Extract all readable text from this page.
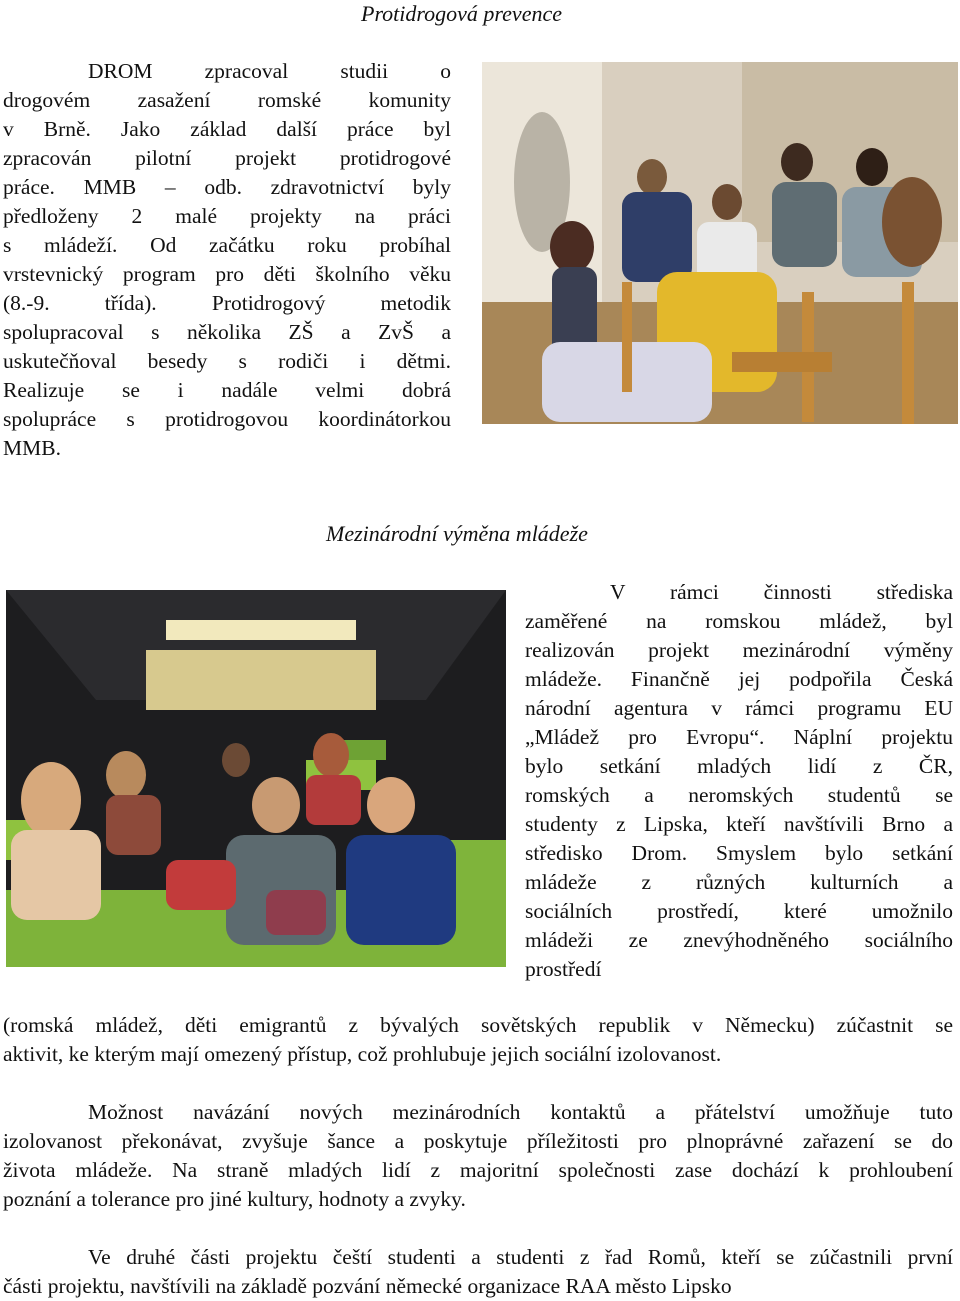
Protidrogová prevence
DROM zpracoval studii o
drogovém zasažení romské komunity
v Brně. Jako základ další práce byl
zpracován pilotní projekt protidrogové
práce. MMB – odb. zdravotnictví byly
předloženy 2 malé projekty na práci
s mládeží. Od začátku roku probíhal
vrstevnický program pro děti školního věku
(8.-9. třída). Protidrogový metodik
spolupracoval s několika ZŠ a ZvŠ a
uskutečňoval besedy s rodiči i dětmi.
Realizuje se i nadále velmi dobrá
spolupráce s protidrogovou koordinátorkou
MMB.
Mezinárodní výměna mládeže
V rámci činnosti střediska
zaměřené na romskou mládež, byl
realizován projekt mezinárodní výměny
mládeže. Finančně jej podpořila Česká
národní agentura v rámci programu EU
„Mládež pro Evropu“. Náplní projektu
bylo setkání mladých lidí z ČR,
romských a neromských studentů se
studenty z Lipska, kteří navštívili Brno a
středisko Drom. Smyslem bylo setkání
mládeže z různých kulturních a
sociálních prostředí, které umožnilo
mládeži ze znevýhodněného sociálního
prostředí
(romská mládež, děti emigrantů z bývalých sovětských republik v Německu) zúčastnit se
aktivit, ke kterým mají omezený přístup, což prohlubuje jejich sociální izolovanost.
Možnost navázání nových mezinárodních kontaktů a přátelství umožňuje tuto
izolovanost překonávat, zvyšuje šance a poskytuje příležitosti pro plnoprávné zařazení se do
života mládeže. Na straně mladých lidí z majoritní společnosti zase dochází k prohloubení
poznání a tolerance pro jiné kultury, hodnoty a zvyky.
Ve druhé části projektu čeští studenti a studenti z řad Romů, kteří se zúčastnili první
části projektu, navštívili na základě pozvání německé organizace RAA město Lipsko
